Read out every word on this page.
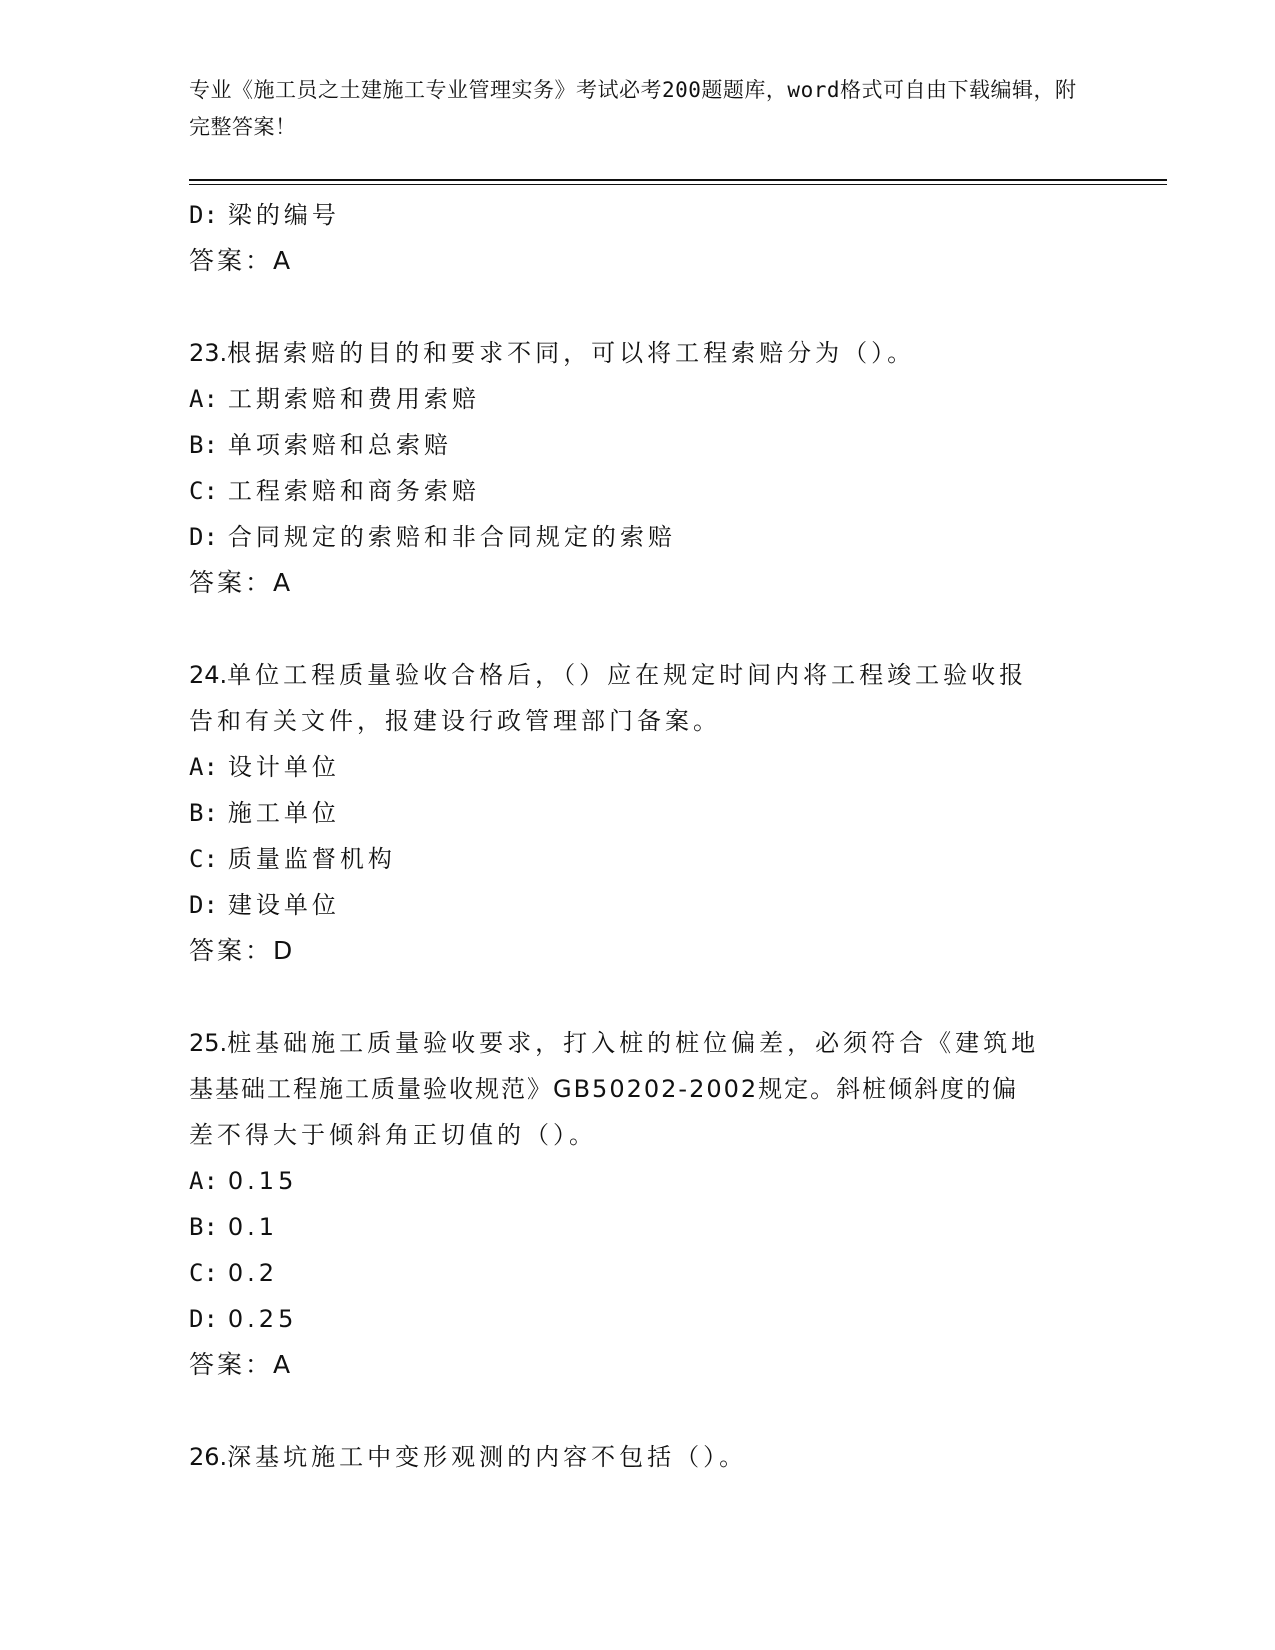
专业《施工员之土建施工专业管理实务》考试必考200题题库，word格式可自由下载编辑，附完整答案！
D: 梁的编号
答案：A
23.根据索赔的目的和要求不同，可以将工程索赔分为（）。
A: 工期索赔和费用索赔
B: 单项索赔和总索赔
C: 工程索赔和商务索赔
D: 合同规定的索赔和非合同规定的索赔
答案：A
24.单位工程质量验收合格后，（）应在规定时间内将工程竣工验收报
告和有关文件，报建设行政管理部门备案。
A: 设计单位
B: 施工单位
C: 质量监督机构
D: 建设单位
答案：D
25.桩基础施工质量验收要求，打入桩的桩位偏差，必须符合《建筑地
基基础工程施工质量验收规范》GB50202-2002规定。斜桩倾斜度的偏
差不得大于倾斜角正切值的（）。
A: 0.15
B: 0.1
C: 0.2
D: 0.25
答案：A
26.深基坑施工中变形观测的内容不包括（）。
